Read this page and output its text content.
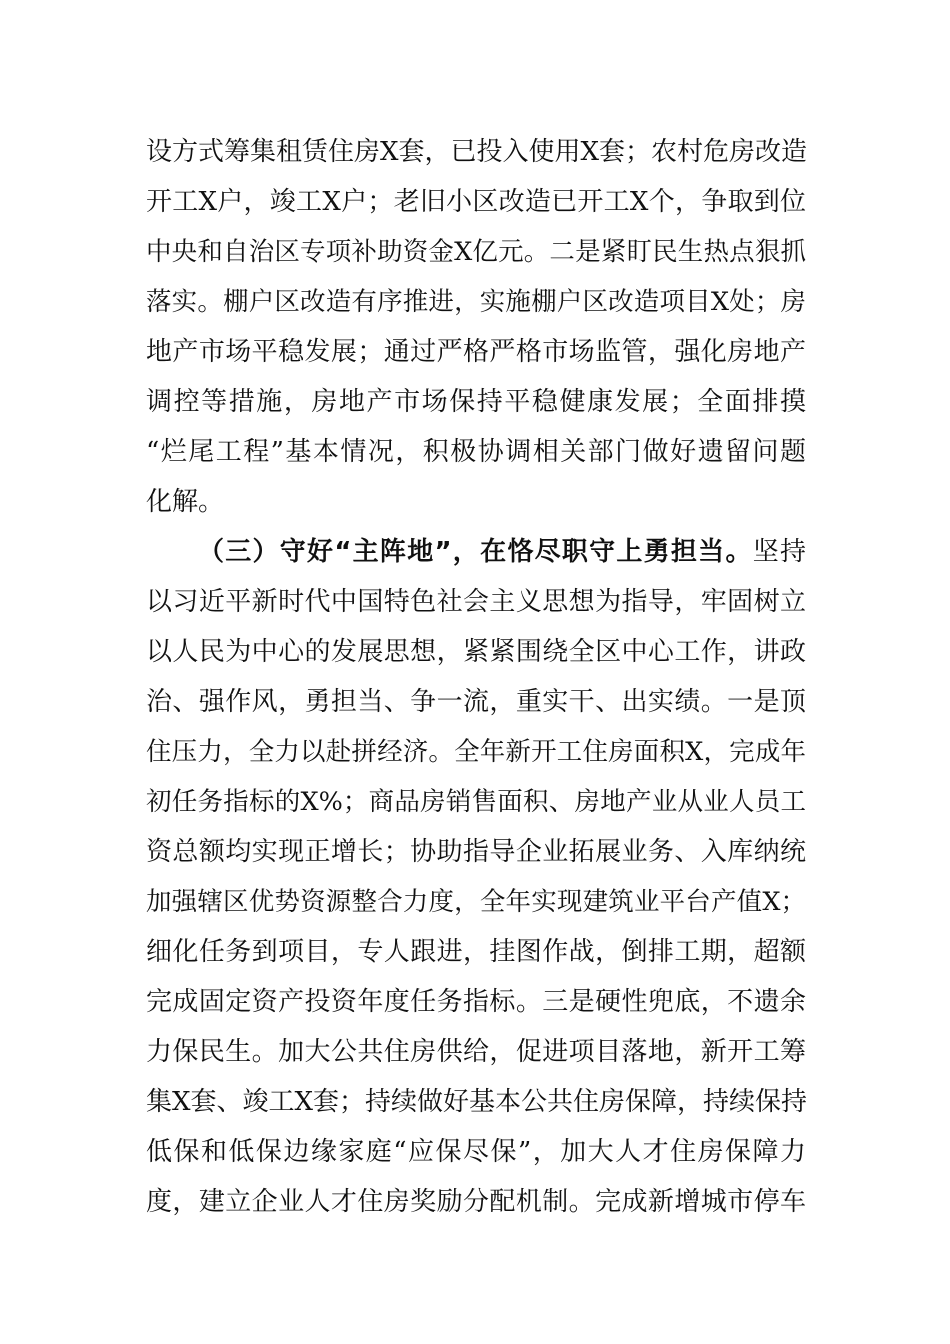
设方式筹集租赁住房X套，已投入使用X套；农村危房改造
开工X户，竣工X户；老旧小区改造已开工X个，争取到位
中央和自治区专项补助资金X亿元。二是紧盯民生热点狠抓
落实。棚户区改造有序推进，实施棚户区改造项目X处；房
地产市场平稳发展；通过严格严格市场监管，强化房地产
调控等措施，房地产市场保持平稳健康发展；全面排摸
“烂尾工程”基本情况，积极协调相关部门做好遗留问题
化解。
（三）守好“主阵地”，在恪尽职守上勇担当。坚持
以习近平新时代中国特色社会主义思想为指导，牢固树立
以人民为中心的发展思想，紧紧围绕全区中心工作，讲政
治、强作风，勇担当、争一流，重实干、出实绩。一是顶
住压力，全力以赴拼经济。全年新开工住房面积X，完成年
初任务指标的X%；商品房销售面积、房地产业从业人员工
资总额均实现正增长；协助指导企业拓展业务、入库纳统
加强辖区优势资源整合力度，全年实现建筑业平台产值X；
细化任务到项目，专人跟进，挂图作战，倒排工期，超额
完成固定资产投资年度任务指标。三是硬性兜底，不遗余
力保民生。加大公共住房供给，促进项目落地，新开工筹
集X套、竣工X套；持续做好基本公共住房保障，持续保持
低保和低保边缘家庭“应保尽保”，加大人才住房保障力
度，建立企业人才住房奖励分配机制。完成新增城市停车
